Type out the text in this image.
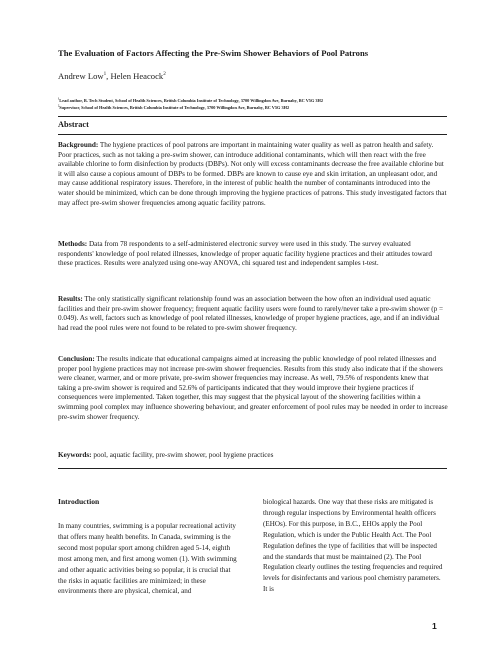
The Evaluation of Factors Affecting the Pre-Swim Shower Behaviors of Pool Patrons
Andrew Low$^1$, Helen Heacock$^2$
$^1$Lead author, B. Tech Student, School of Health Sciences, British Columbia Institute of Technology, 3700 Willingdon Ave, Burnaby, BC V5G 3H2
$^2$Supervisor, School of Health Sciences, British Columbia Institute of Technology, 3700 Willingdon Ave, Burnaby, BC V5G 3H2
Abstract
Background: The hygiene practices of pool patrons are important in maintaining water quality as well as patron health and safety. Poor practices, such as not taking a pre-swim shower, can introduce additional contaminants, which will then react with the free available chlorine to form disinfection by products (DBPs). Not only will excess contaminants decrease the free available chlorine but it will also cause a copious amount of DBPs to be formed. DBPs are known to cause eye and skin irritation, an unpleasant odor, and may cause additional respiratory issues. Therefore, in the interest of public health the number of contaminants introduced into the water should be minimized, which can be done through improving the hygiene practices of patrons. This study investigated factors that may affect pre-swim shower frequencies among aquatic facility patrons.
Methods: Data from 78 respondents to a self-administered electronic survey were used in this study. The survey evaluated respondents' knowledge of pool related illnesses, knowledge of proper aquatic facility hygiene practices and their attitudes toward these practices. Results were analyzed using one-way ANOVA, chi squared test and independent samples t-test.
Results: The only statistically significant relationship found was an association between the how often an individual used aquatic facilities and their pre-swim shower frequency; frequent aquatic facility users were found to rarely/never take a pre-swim shower (p = 0.049). As well, factors such as knowledge of pool related illnesses, knowledge of proper hygiene practices, age, and if an individual had read the pool rules were not found to be related to pre-swim shower frequency.
Conclusion: The results indicate that educational campaigns aimed at increasing the public knowledge of pool related illnesses and proper pool hygiene practices may not increase pre-swim shower frequencies. Results from this study also indicate that if the showers were cleaner, warmer, and or more private, pre-swim shower frequencies may increase. As well, 79.5% of respondents knew that taking a pre-swim shower is required and 52.6% of participants indicated that they would improve their hygiene practices if consequences were implemented. Taken together, this may suggest that the physical layout of the showering facilities within a swimming pool complex may influence showering behaviour, and greater enforcement of pool rules may be needed in order to increase pre-swim shower frequency.
Keywords: pool, aquatic facility, pre-swim shower, pool hygiene practices
Introduction
In many countries, swimming is a popular recreational activity that offers many health benefits. In Canada, swimming is the second most popular sport among children aged 5-14, eighth most among men, and first among women (1). With swimming and other aquatic activities being so popular, it is crucial that the risks in aquatic facilities are minimized; in these environments there are physical, chemical, and
biological hazards. One way that these risks are mitigated is through regular inspections by Environmental health officers (EHOs). For this purpose, in B.C., EHOs apply the Pool Regulation, which is under the Public Health Act. The Pool Regulation defines the type of facilities that will be inspected and the standards that must be maintained (2). The Pool Regulation clearly outlines the testing frequencies and required levels for disinfectants and various pool chemistry parameters. It is
1
